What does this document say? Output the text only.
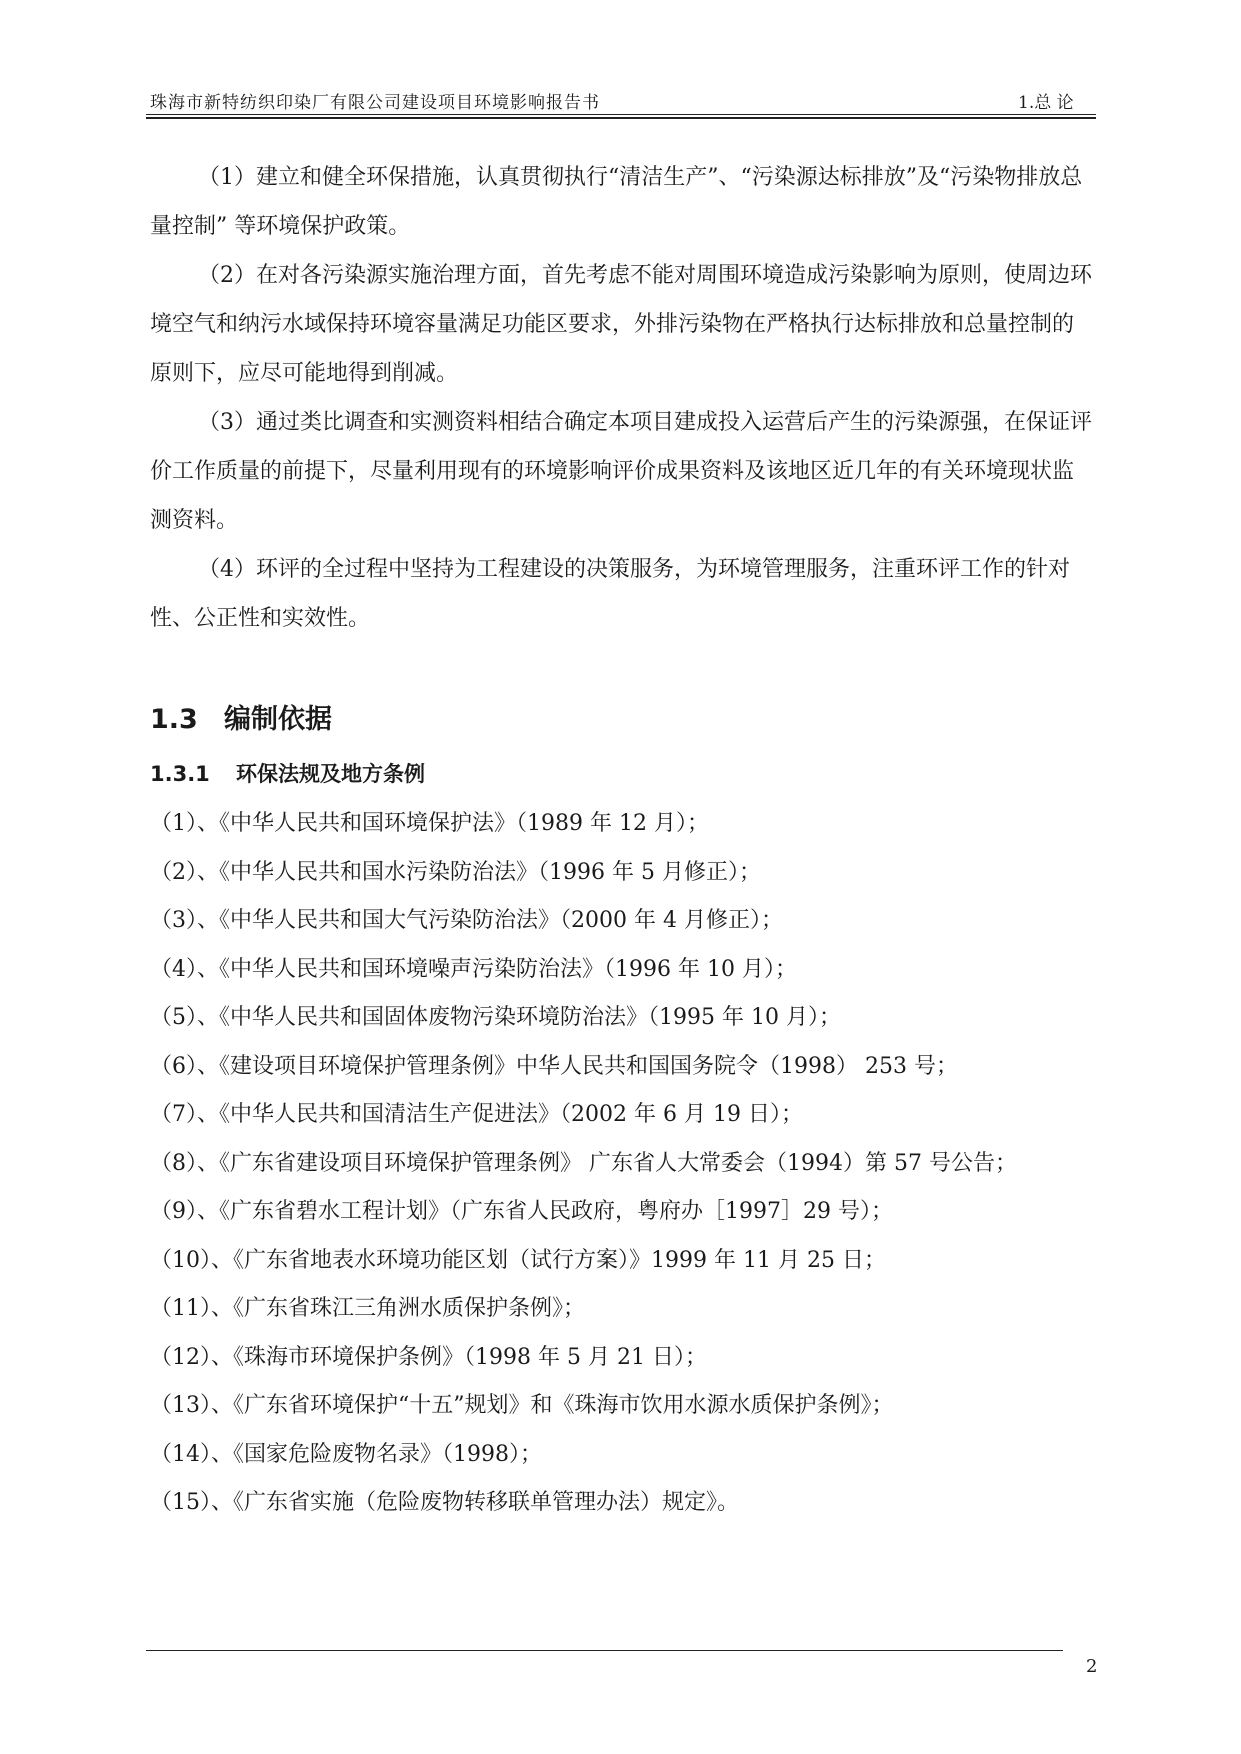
珠海市新特纺织印染厂有限公司建设项目环境影响报告书	1.总 论

（1）建立和健全环保措施，认真贯彻执行“清洁生产”、“污染源达标排放”及“污染物排放总量控制” 等环境保护政策。

（2）在对各污染源实施治理方面，首先考虑不能对周围环境造成污染影响为原则，使周边环境空气和纳污水域保持环境容量满足功能区要求，外排污染物在严格执行达标排放和总量控制的原则下，应尽可能地得到削减。

（3）通过类比调查和实测资料相结合确定本项目建成投入运营后产生的污染源强，在保证评价工作质量的前提下，尽量利用现有的环境影响评价成果资料及该地区近几年的有关环境现状监测资料。

（4）环评的全过程中坚持为工程建设的决策服务，为环境管理服务，注重环评工作的针对性、公正性和实效性。

1.3 编制依据
1.3.1 环保法规及地方条例
（1）、《中华人民共和国环境保护法》（1989 年 12 月）；
（2）、《中华人民共和国水污染防治法》（1996 年 5 月修正）；
（3）、《中华人民共和国大气污染防治法》（2000 年 4 月修正）；
（4）、《中华人民共和国环境噪声污染防治法》（1996 年 10 月）；
（5）、《中华人民共和国固体废物污染环境防治法》（1995 年 10 月）；
（6）、《建设项目环境保护管理条例》中华人民共和国国务院令（1998） 253 号；
（7）、《中华人民共和国清洁生产促进法》（2002 年 6 月 19 日）；
（8）、《广东省建设项目环境保护管理条例》 广东省人大常委会（1994）第 57 号公告；
（9）、《广东省碧水工程计划》（广东省人民政府，粤府办［1997］29 号）；
（10）、《广东省地表水环境功能区划（试行方案）》1999 年 11 月 25 日；
（11）、《广东省珠江三角洲水质保护条例》；
（12）、《珠海市环境保护条例》（1998 年 5 月 21 日）；
（13）、《广东省环境保护“十五”规划》和《珠海市饮用水源水质保护条例》；
（14）、《国家危险废物名录》（1998）；
（15）、《广东省实施（危险废物转移联单管理办法）规定》。
2
